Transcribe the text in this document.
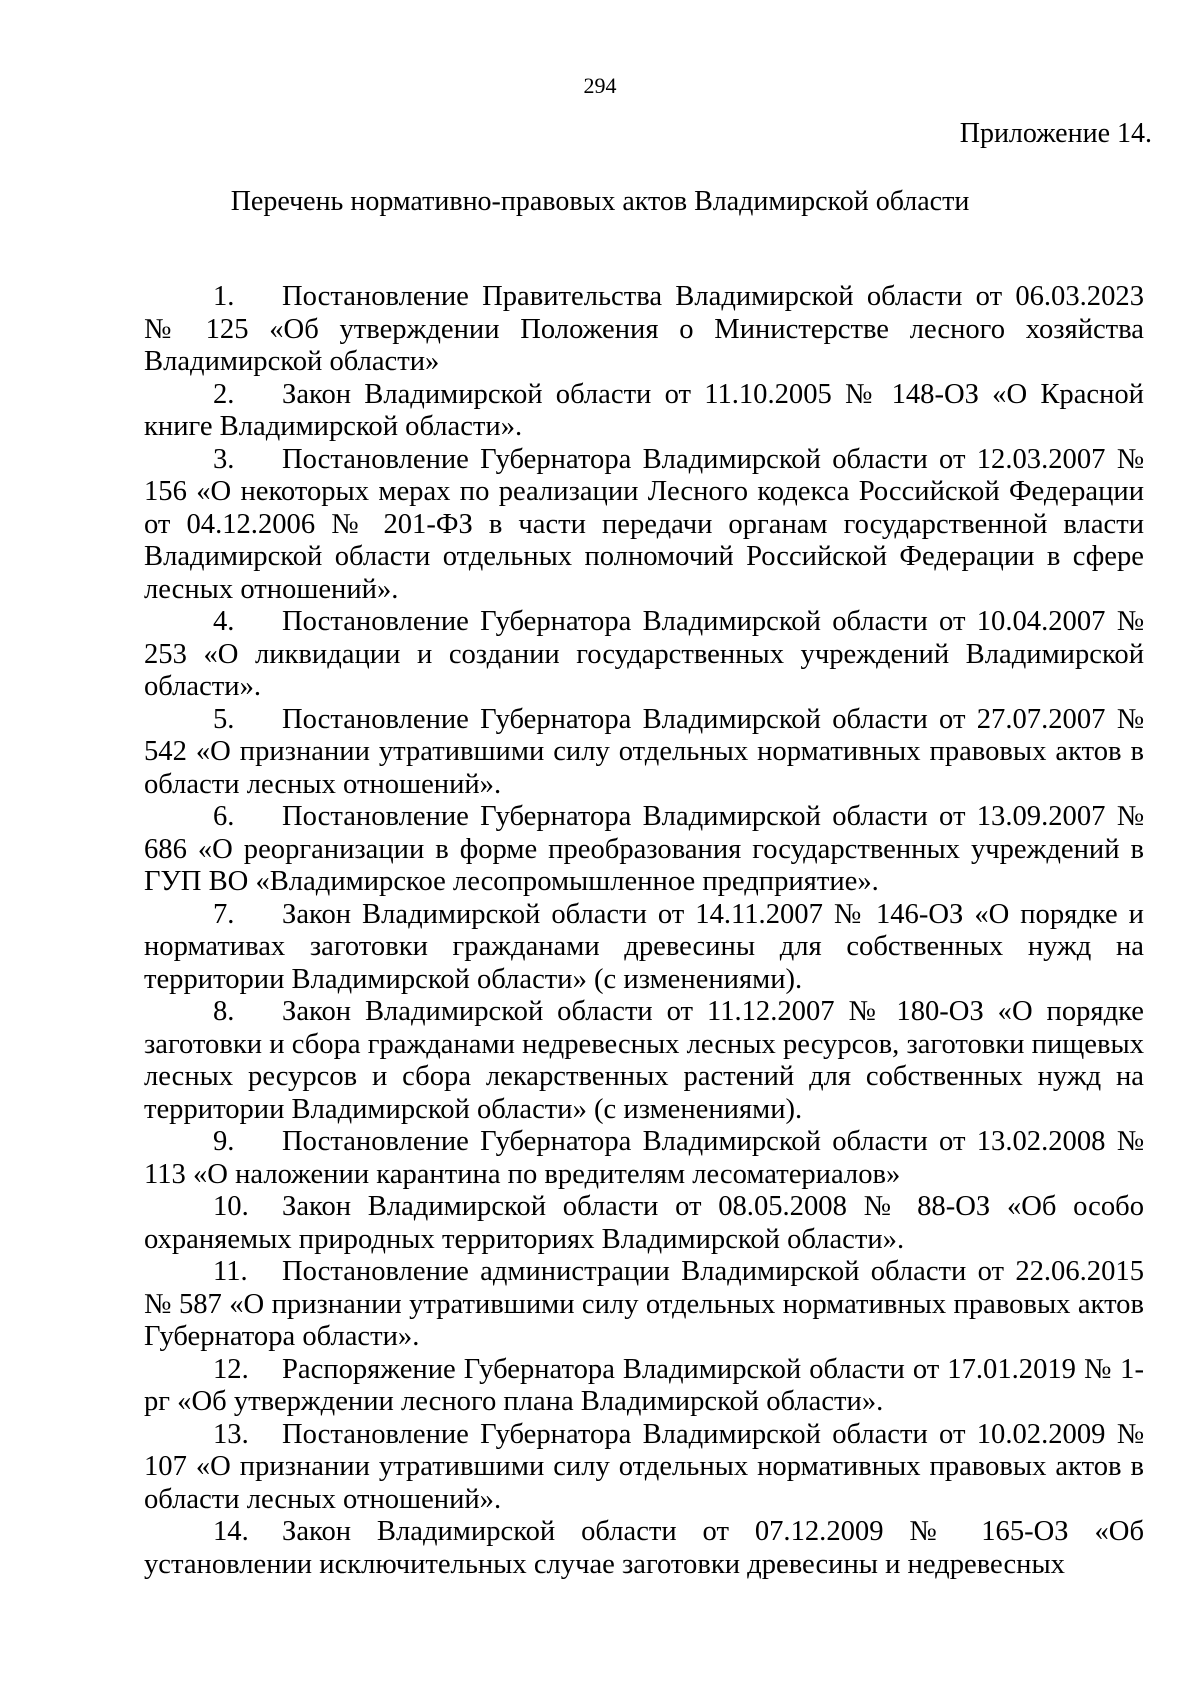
294
Приложение 14.
Перечень нормативно-правовых актов Владимирской области

1. Постановление Правительства Владимирской области от 06.03.2023 № 125 «Об утверждении Положения о Министерстве лесного хозяйства Владимирской области»

2. Закон Владимирской области от 11.10.2005 № 148-ОЗ «О Красной книге Владимирской области».

3. Постановление Губернатора Владимирской области от 12.03.2007 № 156 «О некоторых мерах по реализации Лесного кодекса Российской Федерации от 04.12.2006 № 201-ФЗ в части передачи органам государственной власти Владимирской области отдельных полномочий Российской Федерации в сфере лесных отношений».

4. Постановление Губернатора Владимирской области от 10.04.2007 № 253 «О ликвидации и создании государственных учреждений Владимирской области».

5. Постановление Губернатора Владимирской области от 27.07.2007 № 542 «О признании утратившими силу отдельных нормативных правовых актов в области лесных отношений».

6. Постановление Губернатора Владимирской области от 13.09.2007 № 686 «О реорганизации в форме преобразования государственных учреждений в ГУП ВО «Владимирское лесопромышленное предприятие».

7. Закон Владимирской области от 14.11.2007 № 146-ОЗ «О порядке и нормативах заготовки гражданами древесины для собственных нужд на территории Владимирской области» (с изменениями).

8. Закон Владимирской области от 11.12.2007 № 180-ОЗ «О порядке заготовки и сбора гражданами недревесных лесных ресурсов, заготовки пищевых лесных ресурсов и сбора лекарственных растений для собственных нужд на территории Владимирской области» (с изменениями).

9. Постановление Губернатора Владимирской области от 13.02.2008 № 113 «О наложении карантина по вредителям лесоматериалов»

10. Закон Владимирской области от 08.05.2008 № 88-ОЗ «Об особо охраняемых природных территориях Владимирской области».

11. Постановление администрации Владимирской области от 22.06.2015 № 587 «О признании утратившими силу отдельных нормативных правовых актов Губернатора области».

12. Распоряжение Губернатора Владимирской области от 17.01.2019 № 1-рг «Об утверждении лесного плана Владимирской области».

13. Постановление Губернатора Владимирской области от 10.02.2009 № 107 «О признании утратившими силу отдельных нормативных правовых актов в области лесных отношений».

14. Закон Владимирской области от 07.12.2009 № 165-ОЗ «Об установлении исключительных случае заготовки древесины и недревесных
